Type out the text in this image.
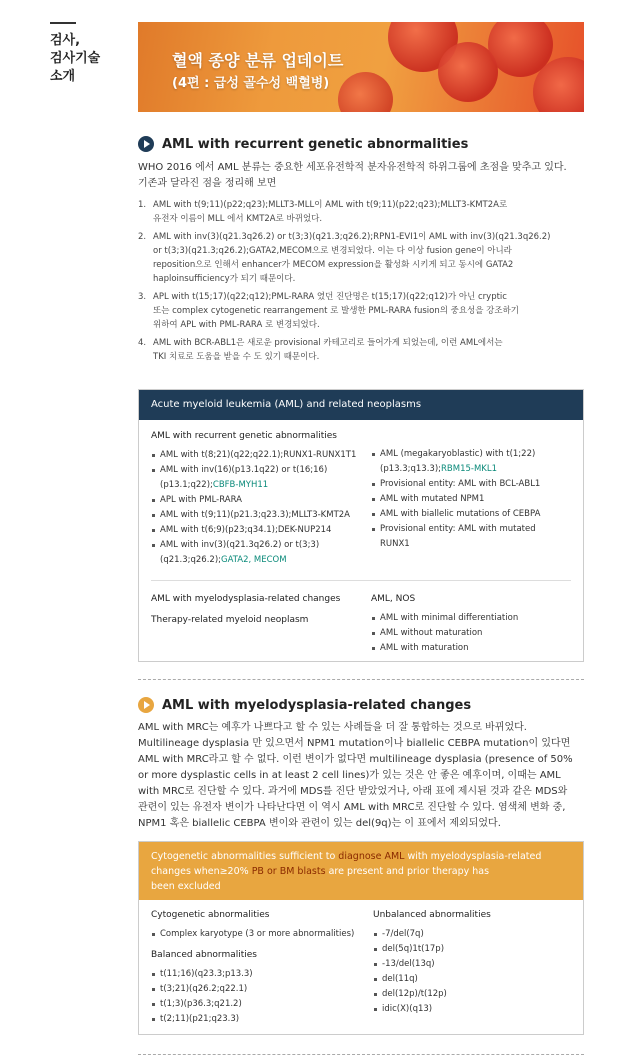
검사,
검사기술
소개
혈액 종양 분류 업데이트
(4편 : 급성 골수성 백혈병)
AML with recurrent genetic abnormalities
WHO 2016 에서 AML 분류는 중요한 세포유전학적 분자유전학적 하위그룹에 초점을 맞추고 있다. 기존과 달라진 점을 정리해 보면
1. AML with t(9;11)(p22;q23);MLLT3-MLL이 AML with t(9;11)(p22;q23);MLLT3-KMT2A로
유전자 이름이 MLL 에서 KMT2A로 바뀌었다.
2. AML with inv(3)(q21.3q26.2) or t(3;3)(q21.3;q26.2);RPN1-EVI1이 AML with inv(3)(q21.3q26.2)
or t(3;3)(q21.3;q26.2);GATA2,MECOM으로 변경되었다. 이는 다 이상 fusion gene이 아니라
reposition으로 인해서 enhancer가 MECOM expression을 활성화 시키게 되고 동시에 GATA2
haploinsufficiency가 되기 때문이다.
3. APL with t(15;17)(q22;q12);PML-RARA 였던 진단명은 t(15;17)(q22;q12)가 아닌 cryptic
또는 complex cytogenetic rearrangement 로 발생한 PML-RARA fusion의 중요성을 강조하기
위하여 APL with PML-RARA 로 변경되었다.
4. AML with BCR-ABL1은 새로운 provisional 카테고리로 들어가게 되었는데, 이런 AML에서는
TKI 치료로 도움을 받을 수 도 있기 때문이다.
Acute myeloid leukemia (AML) and related neoplasms
AML with recurrent genetic abnormalities
AML with t(8;21)(q22;q22.1);RUNX1-RUNX1T1
AML with inv(16)(p13.1q22) or t(16;16)
(p13.1;q22);CBFB-MYH11
APL with PML-RARA
AML with t(9;11)(p21.3;q23.3);MLLT3-KMT2A
AML with t(6;9)(p23;q34.1);DEK-NUP214
AML with inv(3)(q21.3q26.2) or t(3;3)
(q21.3;q26.2);GATA2, MECOM
AML (megakaryoblastic) with t(1;22)
(p13.3;q13.3);RBM15-MKL1
Provisional entity: AML with BCL-ABL1
AML with mutated NPM1
AML with biallelic mutations of CEBPA
Provisional entity: AML with mutated
RUNX1
AML with myelodysplasia-related changes
Therapy-related myeloid neoplasm
AML, NOS
AML with minimal differentiation
AML without maturation
AML with maturation
AML with myelodysplasia-related changes
AML with MRC는 예후가 나쁘다고 할 수 있는 사례들을 더 잘 통합하는 것으로 바뀌었다. Multilineage dysplasia 만 있으면서 NPM1 mutation이나 biallelic CEBPA mutation이 있다면 AML with MRC라고 할 수 없다. 이런 변이가 없다면 multilineage dysplasia (presence of 50% or more dysplastic cells in at least 2 cell lines)가 있는 것은 안 좋은 예후이며, 이때는 AML with MRC로 진단할 수 있다. 과거에 MDS를 진단 받았었거나, 아래 표에 제시된 것과 같은 MDS와 관련이 있는 유전자 변이가 나타난다면 이 역시 AML with MRC로 진단할 수 있다. 염색체 변화 중, NPM1 혹은 biallelic CEBPA 변이와 관련이 있는 del(9q)는 이 표에서 제외되었다.
Cytogenetic abnormalities sufficient to diagnose AML with myelodysplasia-related
changes when≥20% PB or BM blasts are present and prior therapy has
been excluded
Cytogenetic abnormalities
Complex karyotype (3 or more abnormalities)
Balanced abnormalities
t(11;16)(q23.3;p13.3)
t(3;21)(q26.2;q22.1)
t(1;3)(p36.3;q21.2)
t(2;11)(p21;q23.3)
Unbalanced abnormalities
-7/del(7q)
del(5q)1t(17p)
-13/del(13q)
del(11q)
del(12p)/t(12p)
idic(X)(q13)
